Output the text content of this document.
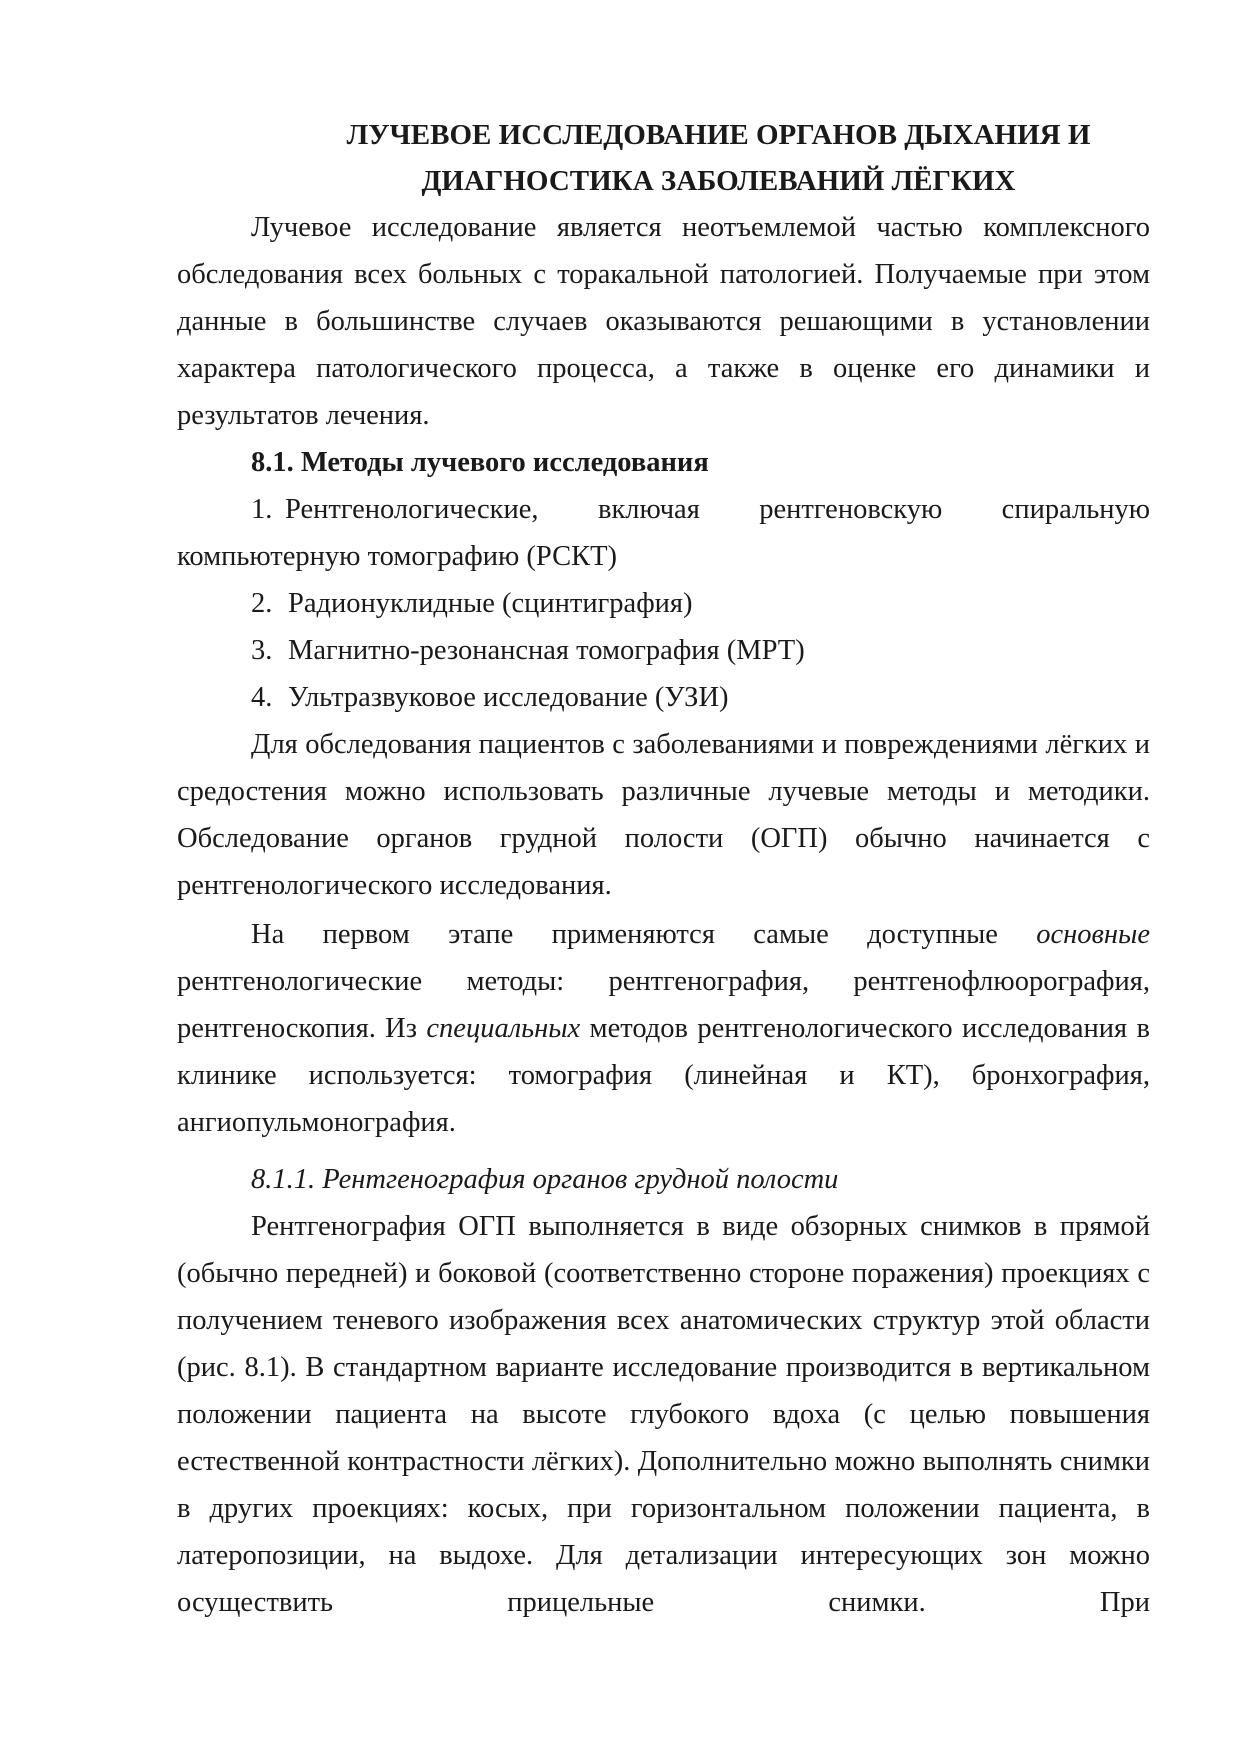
ЛУЧЕВОЕ ИССЛЕДОВАНИЕ ОРГАНОВ ДЫХАНИЯ И
ДИАГНОСТИКА ЗАБОЛЕВАНИЙ ЛЁГКИХ

Лучевое исследование является неотъемлемой частью комплексного обследования всех больных с торакальной патологией. Получаемые при этом данные в большинстве случаев оказываются решающими в установлении характера патологического процесса, а также в оценке его динамики и результатов лечения.

8.1. Методы лучевого исследования
1. Рентгенологические, включая рентгеновскую спиральную компьютерную томографию (РСКТ)
2. Радионуклидные (сцинтиграфия)
3. Магнитно-резонансная томография (МРТ)
4. Ультразвуковое исследование (УЗИ)

Для обследования пациентов с заболеваниями и повреждениями лёгких и средостения можно использовать различные лучевые методы и методики. Обследование органов грудной полости (ОГП) обычно начинается с рентгенологического исследования.

На первом этапе применяются самые доступные основные рентгенологические методы: рентгенография, рентгенофлюорография, рентгеноскопия. Из специальных методов рентгенологического исследования в клинике используется: томография (линейная и КТ), бронхография, ангиопульмонография.

8.1.1. Рентгенография органов грудной полости

Рентгенография ОГП выполняется в виде обзорных снимков в прямой (обычно передней) и боковой (соответственно стороне поражения) проекциях с получением теневого изображения всех анатомических структур этой области (рис. 8.1). В стандартном варианте исследование производится в вертикальном положении пациента на высоте глубокого вдоха (с целью повышения естественной контрастности лёгких). Дополнительно можно выполнять снимки в других проекциях: косых, при горизонтальном положении пациента, в латеропозиции, на выдохе. Для детализации интересующих зон можно осуществить прицельные снимки. При
